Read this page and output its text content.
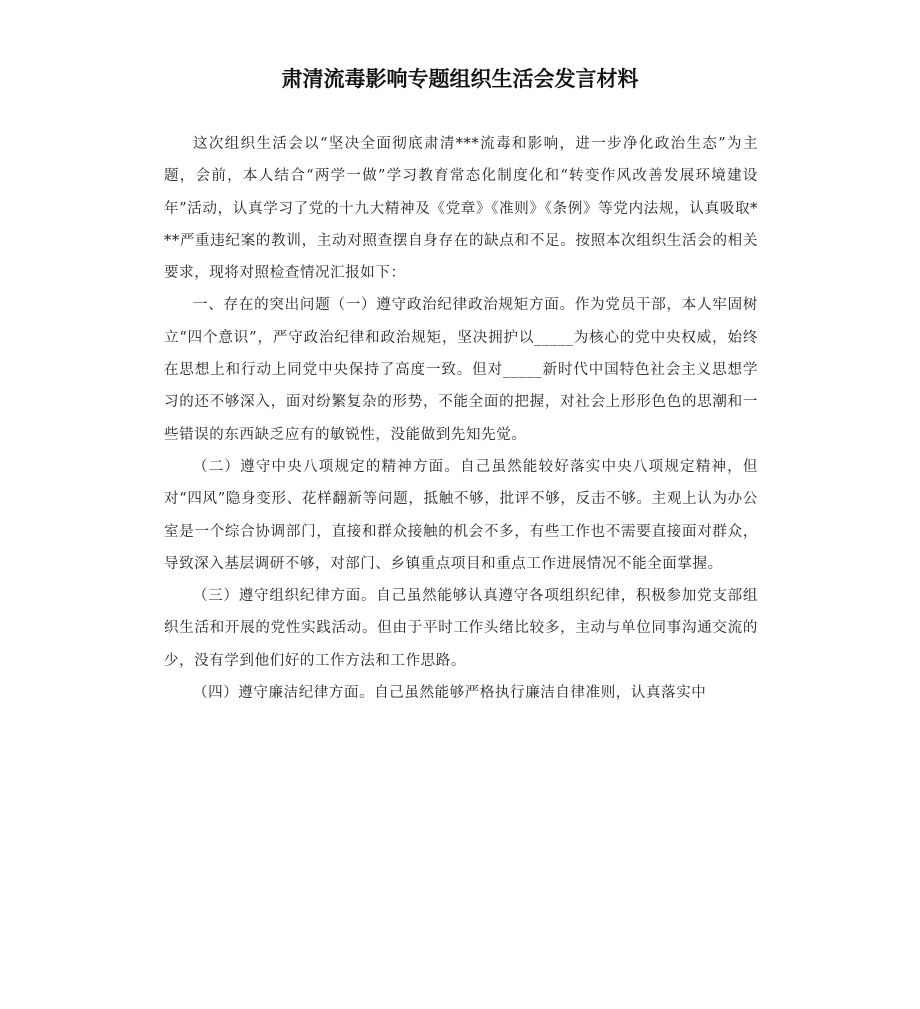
肃清流毒影响专题组织生活会发言材料

这次组织生活会以“坚决全面彻底肃清***流毒和影响，进一步净化政治生态”为主题，会前，本人结合“两学一做”学习教育常态化制度化和“转变作风改善发展环境建设年”活动，认真学习了党的十九大精神及《党章》《准则》《条例》等党内法规，认真吸取***严重违纪案的教训，主动对照查摆自身存在的缺点和不足。按照本次组织生活会的相关要求，现将对照检查情况汇报如下：

一、存在的突出问题（一）遵守政治纪律政治规矩方面。作为党员干部，本人牢固树立“四个意识”，严守政治纪律和政治规矩，坚决拥护以_____为核心的党中央权威，始终在思想上和行动上同党中央保持了高度一致。但对_____新时代中国特色社会主义思想学习的还不够深入，面对纷繁复杂的形势，不能全面的把握，对社会上形形色色的思潮和一些错误的东西缺乏应有的敏锐性，没能做到先知先觉。

（二）遵守中央八项规定的精神方面。自己虽然能较好落实中央八项规定精神，但对“四风”隐身变形、花样翻新等问题，抵触不够，批评不够，反击不够。主观上认为办公室是一个综合协调部门，直接和群众接触的机会不多，有些工作也不需要直接面对群众，导致深入基层调研不够，对部门、乡镇重点项目和重点工作进展情况不能全面掌握。

（三）遵守组织纪律方面。自己虽然能够认真遵守各项组织纪律，积极参加党支部组织生活和开展的党性实践活动。但由于平时工作头绪比较多，主动与单位同事沟通交流的少，没有学到他们好的工作方法和工作思路。

（四）遵守廉洁纪律方面。自己虽然能够严格执行廉洁自律准则，认真落实中
